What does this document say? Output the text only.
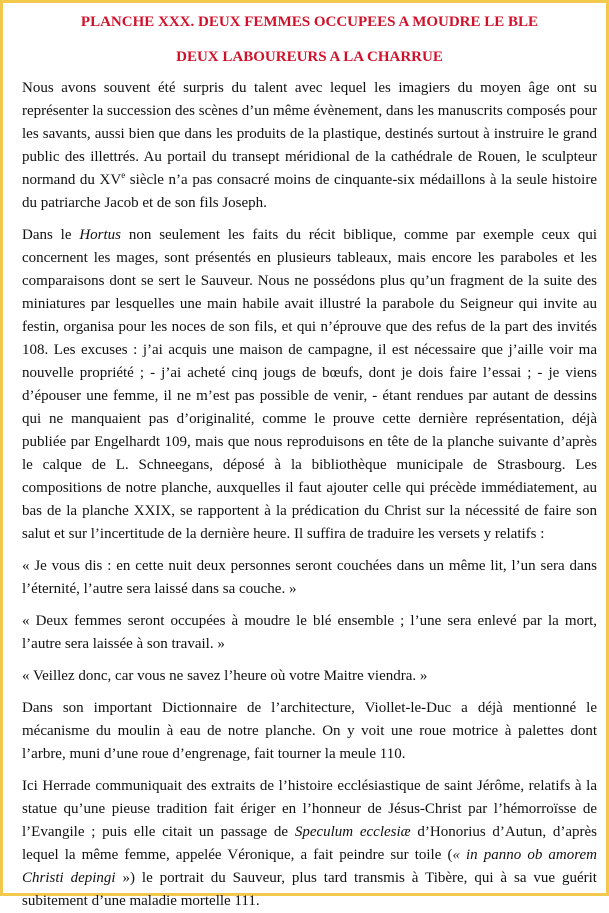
PLANCHE XXX. DEUX FEMMES OCCUPEES A MOUDRE LE BLE
DEUX LABOUREURS A LA CHARRUE

Nous avons souvent été surpris du talent avec lequel les imagiers du moyen âge ont su représenter la succession des scènes d’un même évènement, dans les manuscrits composés pour les savants, aussi bien que dans les produits de la plastique, destinés surtout à instruire le grand public des illettrés. Au portail du transept méridional de la cathédrale de Rouen, le sculpteur normand du XVe siècle n’a pas consacré moins de cinquante-six médaillons à la seule histoire du patriarche Jacob et de son fils Joseph.

Dans le Hortus non seulement les faits du récit biblique, comme par exemple ceux qui concernent les mages, sont présentés en plusieurs tableaux, mais encore les paraboles et les comparaisons dont se sert le Sauveur. Nous ne possédons plus qu’un fragment de la suite des miniatures par lesquelles une main habile avait illustré la parabole du Seigneur qui invite au festin, organisa pour les noces de son fils, et qui n’éprouve que des refus de la part des invités 108. Les excuses : j’ai acquis une maison de campagne, il est nécessaire que j’aille voir ma nouvelle propriété ; - j’ai acheté cinq jougs de bœufs, dont je dois faire l’essai ; - je viens d’épouser une femme, il ne m’est pas possible de venir, - étant rendues par autant de dessins qui ne manquaient pas d’originalité, comme le prouve cette dernière représentation, déjà publiée par Engelhardt 109, mais que nous reproduisons en tête de la planche suivante d’après le calque de L. Schneegans, déposé à la bibliothèque municipale de Strasbourg. Les compositions de notre planche, auxquelles il faut ajouter celle qui précède immédiatement, au bas de la planche XXIX, se rapportent à la prédication du Christ sur la nécessité de faire son salut et sur l’incertitude de la dernière heure. Il suffira de traduire les versets y relatifs :

« Je vous dis : en cette nuit deux personnes seront couchées dans un même lit, l’un sera dans l’éternité, l’autre sera laissé dans sa couche. »

« Deux femmes seront occupées à moudre le blé ensemble ; l’une sera enlevé par la mort, l’autre sera laissée à son travail. »

« Veillez donc, car vous ne savez l’heure où votre Maitre viendra. »

Dans son important Dictionnaire de l’architecture, Viollet-le-Duc a déjà mentionné le mécanisme du moulin à eau de notre planche. On y voit une roue motrice à palettes dont l’arbre, muni d’une roue d’engrenage, fait tourner la meule 110.

Ici Herrade communiquait des extraits de l’histoire ecclésiastique de saint Jérôme, relatifs à la statue qu’une pieuse tradition fait ériger en l’honneur de Jésus-Christ par l’hémorroïsse de l’Evangile ; puis elle citait un passage de Speculum ecclesiæ d’Honorius d’Autun, d’après lequel la même femme, appelée Véronique, a fait peindre sur toile (« in panno ob amorem Christi depingi ») le portrait du Sauveur, plus tard transmis à Tibère, qui à sa vue guérit subitement d’une maladie mortelle 111.
